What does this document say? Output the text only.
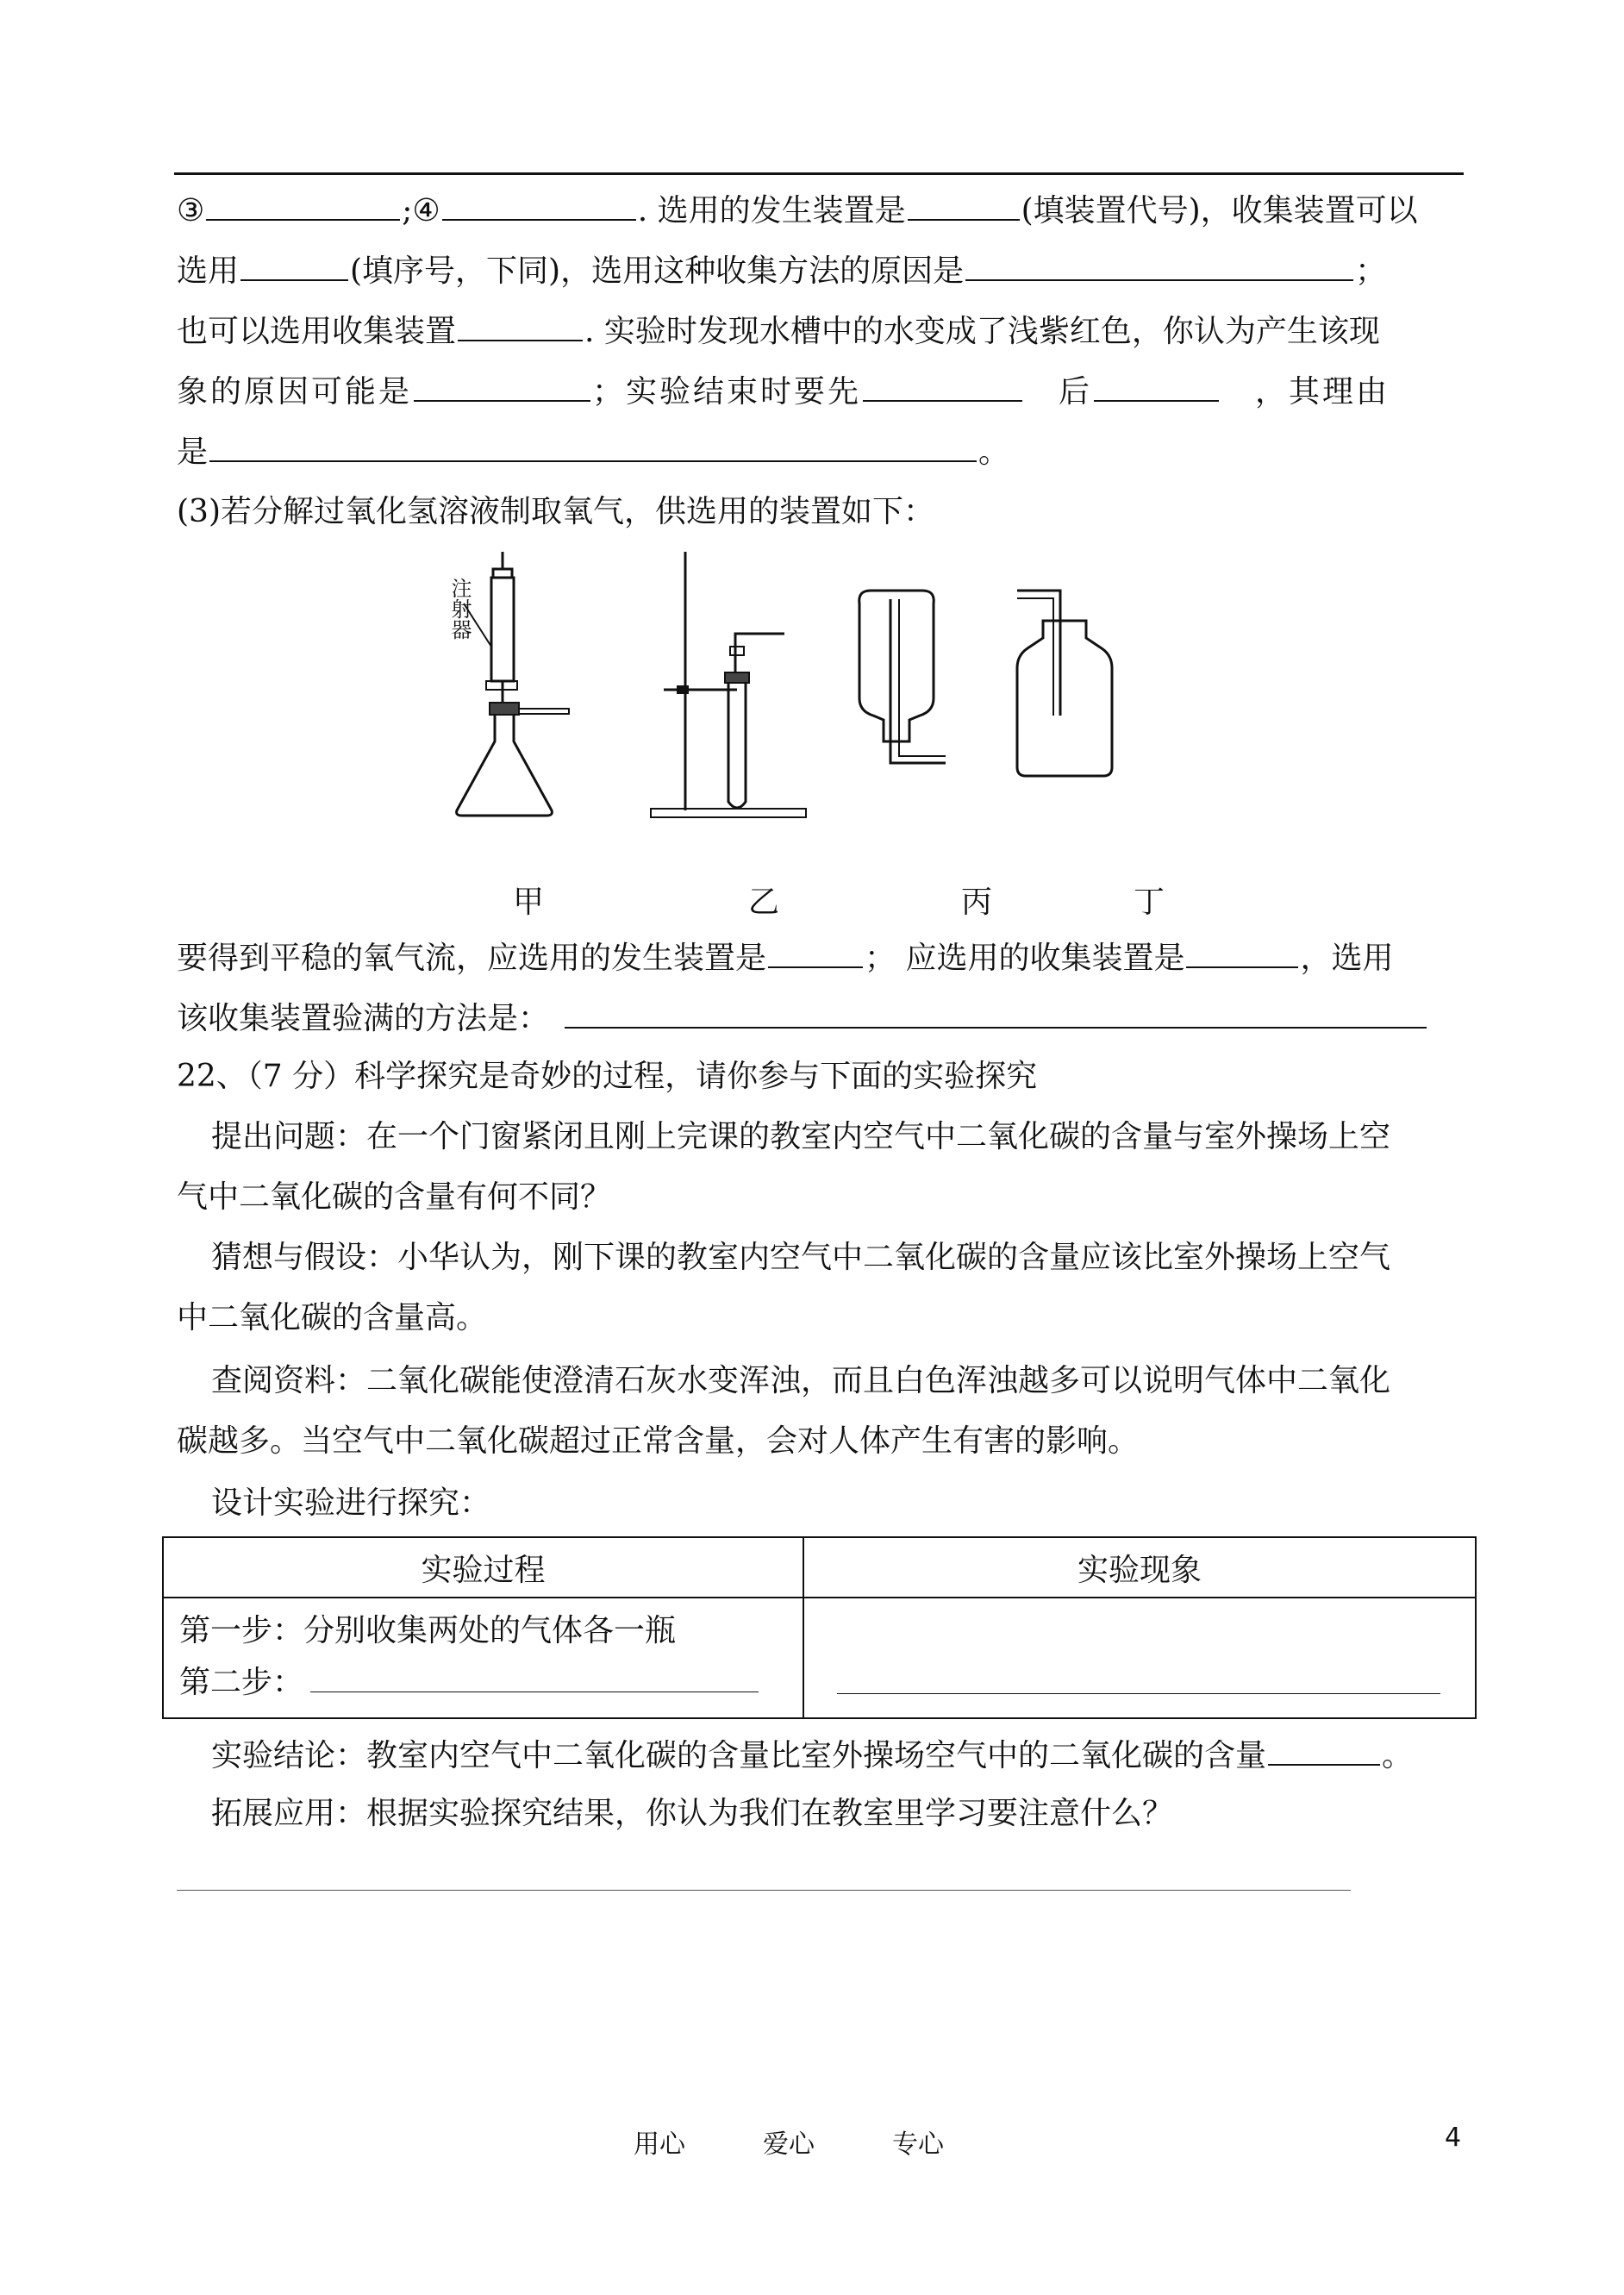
③	;④	. 选用的发生装置是	(填装置代号)，收集装置可以
选用	(填序号，下同)，选用这种收集方法的原因是	；
也可以选用收集装置	. 实验时发现水槽中的水变成了浅紫红色，你认为产生该现
象的原因可能是	；实验结束时要先	后	，其理由
是	。
(3)若分解过氧化氢溶液制取氧气，供选用的装置如下：
注射器
甲	乙	丙	丁
要得到平稳的氧气流，应选用的发生装置是	； 应选用的收集装置是	，选用
该收集装置验满的方法是：
22、（7 分）科学探究是奇妙的过程，请你参与下面的实验探究
提出问题：在一个门窗紧闭且刚上完课的教室内空气中二氧化碳的含量与室外操场上空
气中二氧化碳的含量有何不同？
猜想与假设：小华认为，刚下课的教室内空气中二氧化碳的含量应该比室外操场上空气
中二氧化碳的含量高。
查阅资料：二氧化碳能使澄清石灰水变浑浊，而且白色浑浊越多可以说明气体中二氧化
碳越多。当空气中二氧化碳超过正常含量，会对人体产生有害的影响。
设计实验进行探究：
实验过程	实验现象

第一步：分别收集两处的气体各一瓶
第二步：	

实验结论：教室内空气中二氧化碳的含量比室外操场空气中的二氧化碳的含量	。
拓展应用：根据实验探究结果，你认为我们在教室里学习要注意什么？
用心	爱心	专心	4
